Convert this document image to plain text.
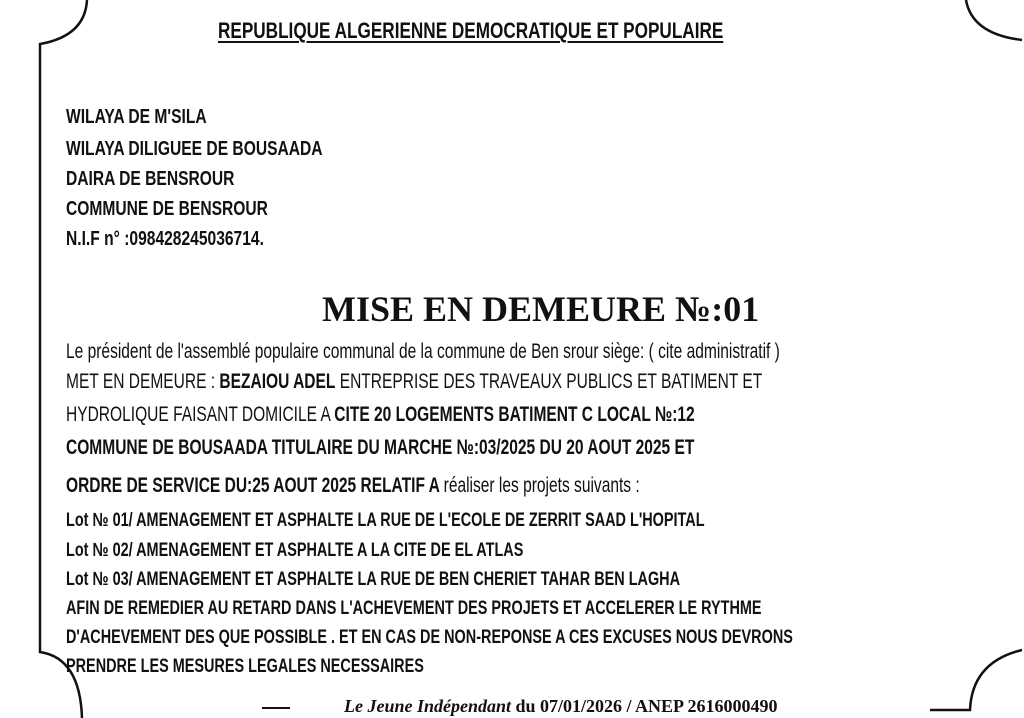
REPUBLIQUE ALGERIENNE DEMOCRATIQUE ET POPULAIRE
WILAYA DE M'SILA
WILAYA DILIGUEE DE BOUSAADA
DAIRA DE BENSROUR
COMMUNE DE BENSROUR
N.I.F n° :098428245036714.
MISE EN DEMEURE №:01
Le président de l'assemblé populaire communal de la commune de Ben srour siège: ( cite administratif )
MET EN DEMEURE : BEZAIOU ADEL ENTREPRISE DES TRAVEAUX PUBLICS ET BATIMENT ET
HYDROLIQUE FAISANT DOMICILE A CITE 20 LOGEMENTS BATIMENT C LOCAL №:12
COMMUNE DE BOUSAADA TITULAIRE DU MARCHE №:03/2025 DU 20 AOUT 2025 ET
ORDRE DE SERVICE DU:25 AOUT 2025 RELATIF A réaliser les projets suivants :
Lot № 01/ AMENAGEMENT ET ASPHALTE LA RUE DE L'ECOLE DE ZERRIT SAAD L'HOPITAL
Lot № 02/ AMENAGEMENT ET ASPHALTE A LA CITE DE EL ATLAS
Lot № 03/ AMENAGEMENT ET ASPHALTE LA RUE DE BEN CHERIET TAHAR BEN LAGHA
AFIN DE REMEDIER AU RETARD DANS L'ACHEVEMENT DES PROJETS ET ACCELERER LE RYTHME
D'ACHEVEMENT DES QUE POSSIBLE . ET EN CAS DE NON-REPONSE A CES EXCUSES NOUS DEVRONS
PRENDRE LES MESURES LEGALES NECESSAIRES
Le Jeune Indépendant du 07/01/2026 / ANEP 2616000490
